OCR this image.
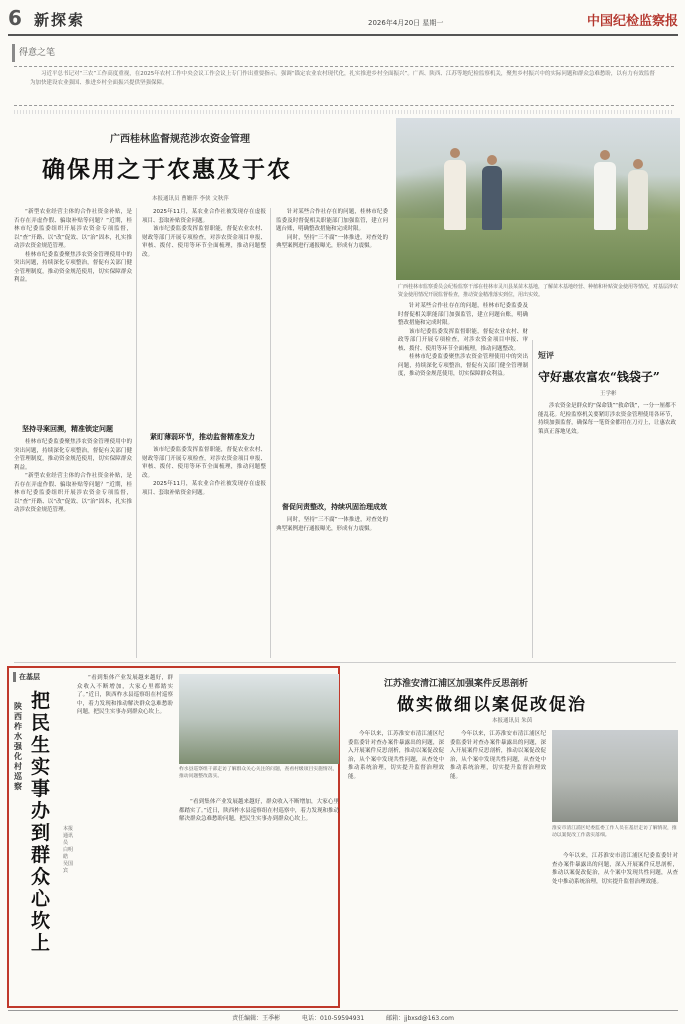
6 新探索	2026年4月20日 星期一	中国纪检监察报
得意之笔

习近平总书记对“三农”工作高度重视，在2025年农村工作中央会议工作会议上专门作出重要指示。强调“锚定农业农村现代化，扎实推进乡村全面振兴”。广西、陕西、江苏等地纪检监察机关，聚焦乡村振兴中的实际问题和群众急难愁盼，以有力有效监督为加快建设农业强国、推进乡村全面振兴提供坚强保障。

广西桂林监督规范涉农资金管理
确保用之于农惠及于农
本报通讯员 曹姗萍 李侠 文秋萍
广西桂林市监察委员会纪检监察干部在桂林市灵川县某苗木基地，了解苗木基地经营、种植和补贴资金使用等情况，对基层涉农资金使用情况开展监督检查，推动资金精准落实到位，用出实效。

“新型农业经营主体的合作社资金补贴，是否存在弄虚作假、骗取补贴等问题？”近期，桂林市纪委监委组织开展涉农资金专项监督，以“查”开路、以“改”促效、以“治”固本，扎实推动涉农资金规范管理。

桂林市纪委监委聚焦涉农资金管理使用中的突出问题，持续深化专项整治，督促有关部门健全管理制度，推动资金规范使用，切实保障群众利益。

坚持寻案回溯，精准锁定问题

桂林市纪委监委聚焦涉农资金管理使用中的突出问题，持续深化专项整治，督促有关部门健全管理制度，推动资金规范使用，切实保障群众利益。

“新型农业经营主体的合作社资金补贴，是否存在弄虚作假、骗取补贴等问题？”近期，桂林市纪委监委组织开展涉农资金专项监督，以“查”开路、以“改”促效、以“治”固本，扎实推动涉农资金规范管理。

2025年11月，某农业合作社被发现存在虚报项目、套取补贴资金问题。

该市纪委监委发挥监督职能，督促农业农村、财政等部门开展专项检查，对涉农资金项目申报、审核、拨付、使用等环节全面梳理，推动问题整改。

紧盯薄弱环节，推动监督精准发力

该市纪委监委发挥监督职能，督促农业农村、财政等部门开展专项检查，对涉农资金项目申报、审核、拨付、使用等环节全面梳理，推动问题整改。

2025年11月，某农业合作社被发现存在虚报项目、套取补贴资金问题。

针对某些合作社存在的问题，桂林市纪委监委及时督促相关职能部门加强监管，建立问题台账，明确整改措施和完成时限。

同时，坚持“三不腐”一体推进，对查处的典型案例进行通报曝光，形成有力震慑。

督促问责整改，持续巩固治理成效

同时，坚持“三不腐”一体推进，对查处的典型案例进行通报曝光，形成有力震慑。

针对某些合作社存在的问题，桂林市纪委监委及时督促相关职能部门加强监管，建立问题台账，明确整改措施和完成时限。

该市纪委监委发挥监督职能，督促农业农村、财政等部门开展专项检查，对涉农资金项目申报、审核、拨付、使用等环节全面梳理，推动问题整改。

桂林市纪委监委聚焦涉农资金管理使用中的突出问题，持续深化专项整治，督促有关部门健全管理制度，推动资金规范使用，切实保障群众利益。

短评
守好惠农富农“钱袋子”
王学彬

涉农资金是群众的“保命钱”“救命钱”，一分一厘都不能乱花。纪检监察机关要紧盯涉农资金管理使用各环节，持续加强监督，确保每一笔资金都用在刀刃上，让惠农政策真正落地见效。

在基层
陕西柞水强化村巡察
把民生实事办到群众心坎上
本报通讯员 白明皓 吴国宾

“看到集体产业发展越来越好，群众收入不断增加，大家心里都踏实了。”近日，陕西柞水县巡察组在村巡察中，着力发现和推动解决群众急难愁盼问题，把民生实事办到群众心坎上。

柞水县巡察组干部走访了解群众关心关注的问题，查看村级项目实施情况，推动问题整改落实。

“看到集体产业发展越来越好，群众收入不断增加，大家心里都踏实了。”近日，陕西柞水县巡察组在村巡察中，着力发现和推动解决群众急难愁盼问题，把民生实事办到群众心坎上。

江苏淮安清江浦区加强案件反思剖析
做实做细以案促改促治
本报通讯员 朱茵

今年以来，江苏淮安市清江浦区纪委监委针对查办案件暴露出的问题，深入开展案件反思剖析，推动以案促改促治，从个案中发现共性问题，从查处中推动系统治理，切实提升监督治理效能。

今年以来，江苏淮安市清江浦区纪委监委针对查办案件暴露出的问题，深入开展案件反思剖析，推动以案促改促治，从个案中发现共性问题，从查处中推动系统治理，切实提升监督治理效能。

淮安市清江浦区纪委监委工作人员在基层走访了解情况，推动以案促改工作落实落细。

今年以来，江苏淮安市清江浦区纪委监委针对查办案件暴露出的问题，深入开展案件反思剖析，推动以案促改促治，从个案中发现共性问题，从查处中推动系统治理，切实提升监督治理效能。

责任编辑：王季彬	电话：010-59594931	邮箱：jjbxsd@163.com
